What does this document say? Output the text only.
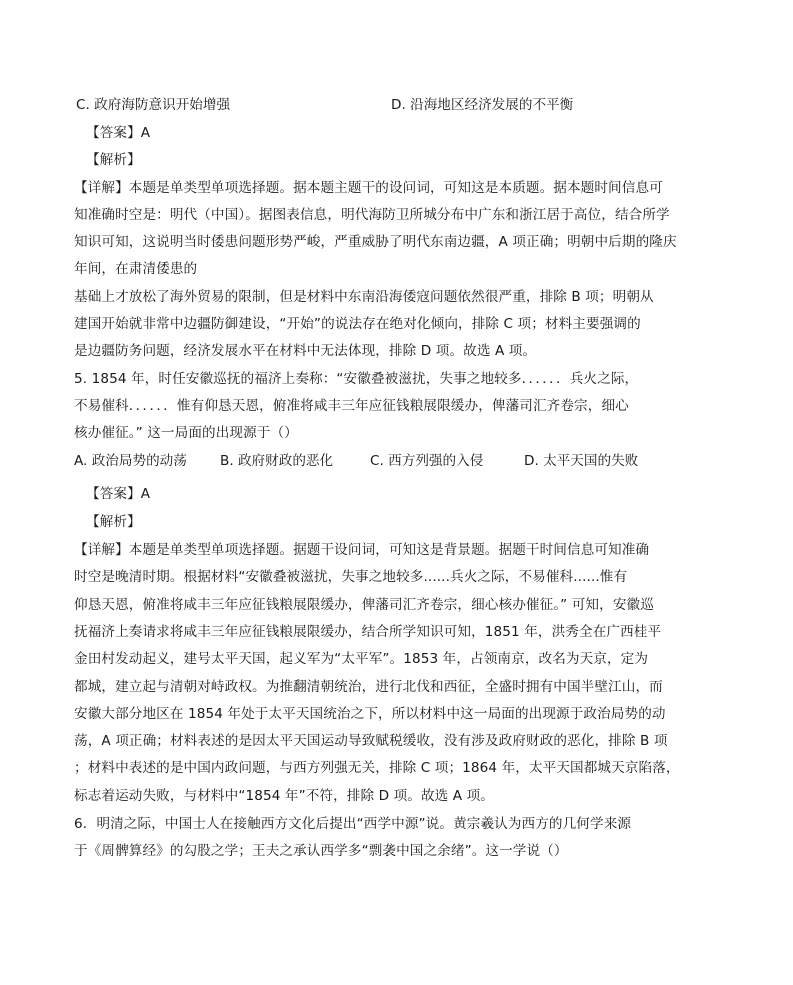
C. 政府海防意识开始增强	D. 沿海地区经济发展的不平衡
【答案】A
【解析】
【详解】本题是单类型单项选择题。据本题主题干的设问词，可知这是本质题。据本题时间信息可
知准确时空是：明代（中国）。据图表信息，明代海防卫所城分布中广东和浙江居于高位，结合所学
知识可知，这说明当时倭患问题形势严峻，严重威胁了明代东南边疆，A 项正确；明朝中后期的隆庆
年间，在肃清倭患的
基础上才放松了海外贸易的限制，但是材料中东南沿海倭寇问题依然很严重，排除 B 项；明朝从
建国开始就非常中边疆防御建设，“开始”的说法存在绝对化倾向，排除 C 项；材料主要强调的
是边疆防务问题，经济发展水平在材料中无法体现，排除 D 项。故选 A 项。
5. 1854 年，时任安徽巡抚的福济上奏称：“安徽叠被滋扰，失事之地较多．．．．．．兵火之际，
不易催科．．．．．．惟有仰恳天恩，俯准将咸丰三年应征钱粮展限缓办，俾藩司汇齐卷宗，细心
核办催征。” 这一局面的出现源于（）
A. 政治局势的动荡 B. 政府财政的恶化	C. 西方列强的入侵	D. 太平天国的失败
【答案】A
【解析】
【详解】本题是单类型单项选择题。据题干设问词，可知这是背景题。据题干时间信息可知准确
时空是晚清时期。根据材料“安徽叠被滋扰，失事之地较多......兵火之际，不易催科......惟有
仰恳天恩，俯准将咸丰三年应征钱粮展限缓办，俾藩司汇齐卷宗，细心核办催征。” 可知，安徽巡
抚福济上奏请求将咸丰三年应征钱粮展限缓办，结合所学知识可知，1851 年，洪秀全在广西桂平
金田村发动起义，建号太平天国，起义军为“太平军”。1853 年，占领南京，改名为天京，定为
都城，建立起与清朝对峙政权。为推翻清朝统治，进行北伐和西征，全盛时拥有中国半壁江山，而
安徽大部分地区在 1854 年处于太平天国统治之下，所以材料中这一局面的出现源于政治局势的动
荡，A 项正确；材料表述的是因太平天国运动导致赋税缓收，没有涉及政府财政的恶化，排除 B 项
；材料中表述的是中国内政问题，与西方列强无关，排除 C 项；1864 年，太平天国都城天京陷落，
标志着运动失败，与材料中“1854 年”不符，排除 D 项。故选 A 项。
6．明清之际，中国士人在接触西方文化后提出“西学中源”说。黄宗羲认为西方的几何学来源
于《周髀算经》的勾股之学；王夫之承认西学多“剽袭中国之余绪”。这一学说（）
